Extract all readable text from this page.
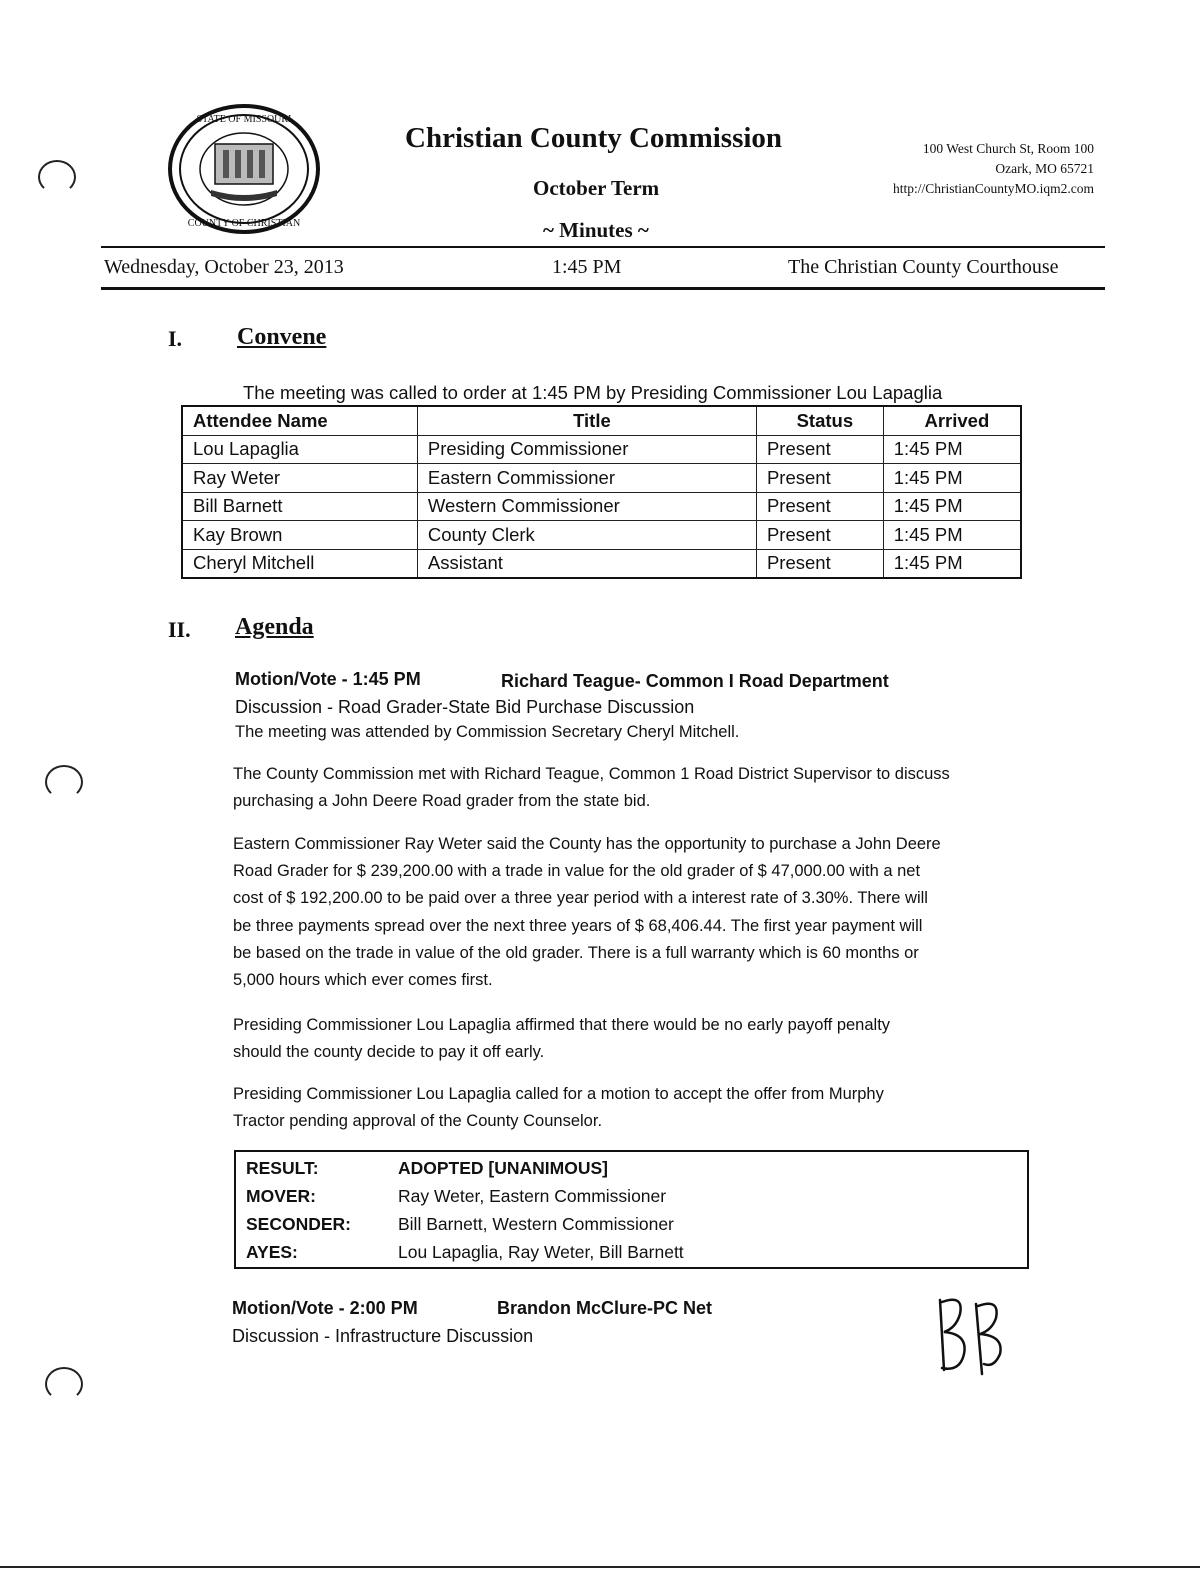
STATE OF MISSOURI
COUNTY OF CHRISTIAN
Christian County Commission
October Term
~ Minutes ~
100 West Church St, Room 100
Ozark, MO 65721
http://ChristianCountyMO.iqm2.com
Wednesday, October 23, 2013	1:45 PM	The Christian County Courthouse
I. Convene
The meeting was called to order at 1:45 PM by Presiding Commissioner Lou Lapaglia
Attendee Name	Title	Status	Arrived
Lou Lapaglia	Presiding Commissioner	Present	1:45 PM
Ray Weter	Eastern Commissioner	Present	1:45 PM
Bill Barnett	Western Commissioner	Present	1:45 PM
Kay Brown	County Clerk	Present	1:45 PM
Cheryl Mitchell	Assistant	Present	1:45 PM
II. Agenda
Motion/Vote - 1:45 PM	Richard Teague- Common I Road Department
Discussion - Road Grader-State Bid Purchase Discussion
The meeting was attended by Commission Secretary Cheryl Mitchell.
The County Commission met with Richard Teague, Common 1 Road District Supervisor to discuss
purchasing a John Deere Road grader from the state bid.
Eastern Commissioner Ray Weter said the County has the opportunity to purchase a John Deere
Road Grader for $ 239,200.00 with a trade in value for the old grader of $ 47,000.00 with a net
cost of $ 192,200.00 to be paid over a three year period with a interest rate of 3.30%. There will
be three payments spread over the next three years of $ 68,406.44. The first year payment will
be based on the trade in value of the old grader. There is a full warranty which is 60 months or
5,000 hours which ever comes first.
Presiding Commissioner Lou Lapaglia affirmed that there would be no early payoff penalty
should the county decide to pay it off early.
Presiding Commissioner Lou Lapaglia called for a motion to accept the offer from Murphy
Tractor pending approval of the County Counselor.
RESULT:	ADOPTED [UNANIMOUS]
MOVER:	Ray Weter, Eastern Commissioner
SECONDER:	Bill Barnett, Western Commissioner
AYES:	Lou Lapaglia, Ray Weter, Bill Barnett
Motion/Vote - 2:00 PM	Brandon McClure-PC Net
Discussion - Infrastructure Discussion
